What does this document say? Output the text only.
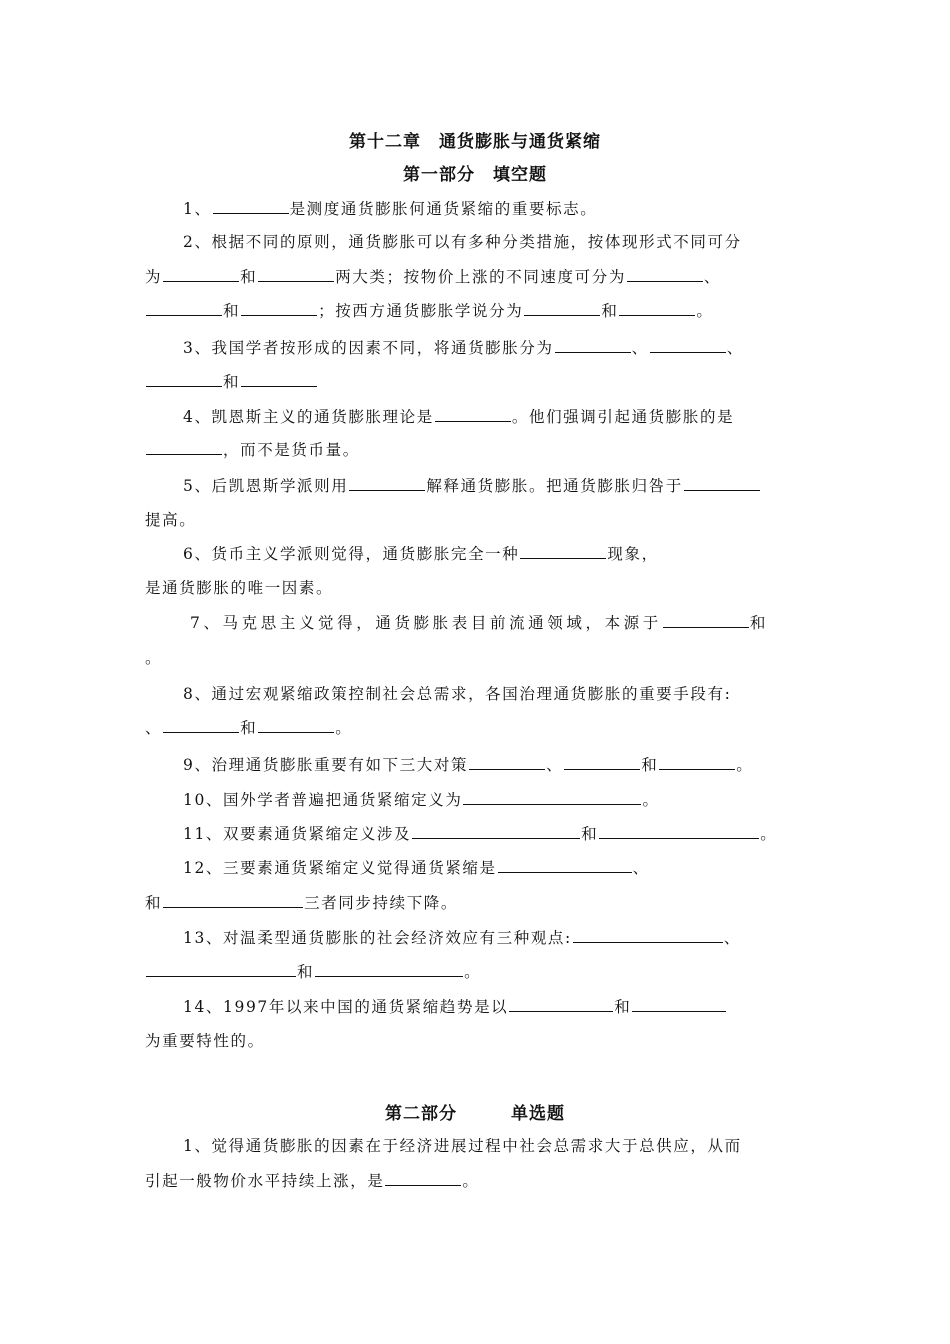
第十二章　通货膨胀与通货紧缩
第一部分　填空题
1、	是测度通货膨胀何通货紧缩的重要标志。
2、根据不同的原则，通货膨胀可以有多种分类措施，按体现形式不同可分
为	和	两大类；按物价上涨的不同速度可分为	、
和	；按西方通货膨胀学说分为	和	。
3、我国学者按形成的因素不同，将通货膨胀分为	、	、
和
4、凯恩斯主义的通货膨胀理论是	。他们强调引起通货膨胀的是
，而不是货币量。
5、后凯恩斯学派则用	解释通货膨胀。把通货膨胀归咎于
提高。
6、货币主义学派则觉得，通货膨胀完全一种	现象，
是通货膨胀的唯一因素。
7、马克思主义觉得，通货膨胀表目前流通领域，本源于	和
。
8、通过宏观紧缩政策控制社会总需求，各国治理通货膨胀的重要手段有:
、	和	。
9、治理通货膨胀重要有如下三大对策	、	和	。
10、国外学者普遍把通货紧缩定义为	。
11、双要素通货紧缩定义涉及	和	。
12、三要素通货紧缩定义觉得通货紧缩是	、
和	三者同步持续下降。
13、对温柔型通货膨胀的社会经济效应有三种观点:	、
和	。
14、1997年以来中国的通货紧缩趋势是以	和
为重要特性的。
第二部分　　　单选题
1、觉得通货膨胀的因素在于经济进展过程中社会总需求大于总供应，从而
引起一般物价水平持续上涨，是	。
